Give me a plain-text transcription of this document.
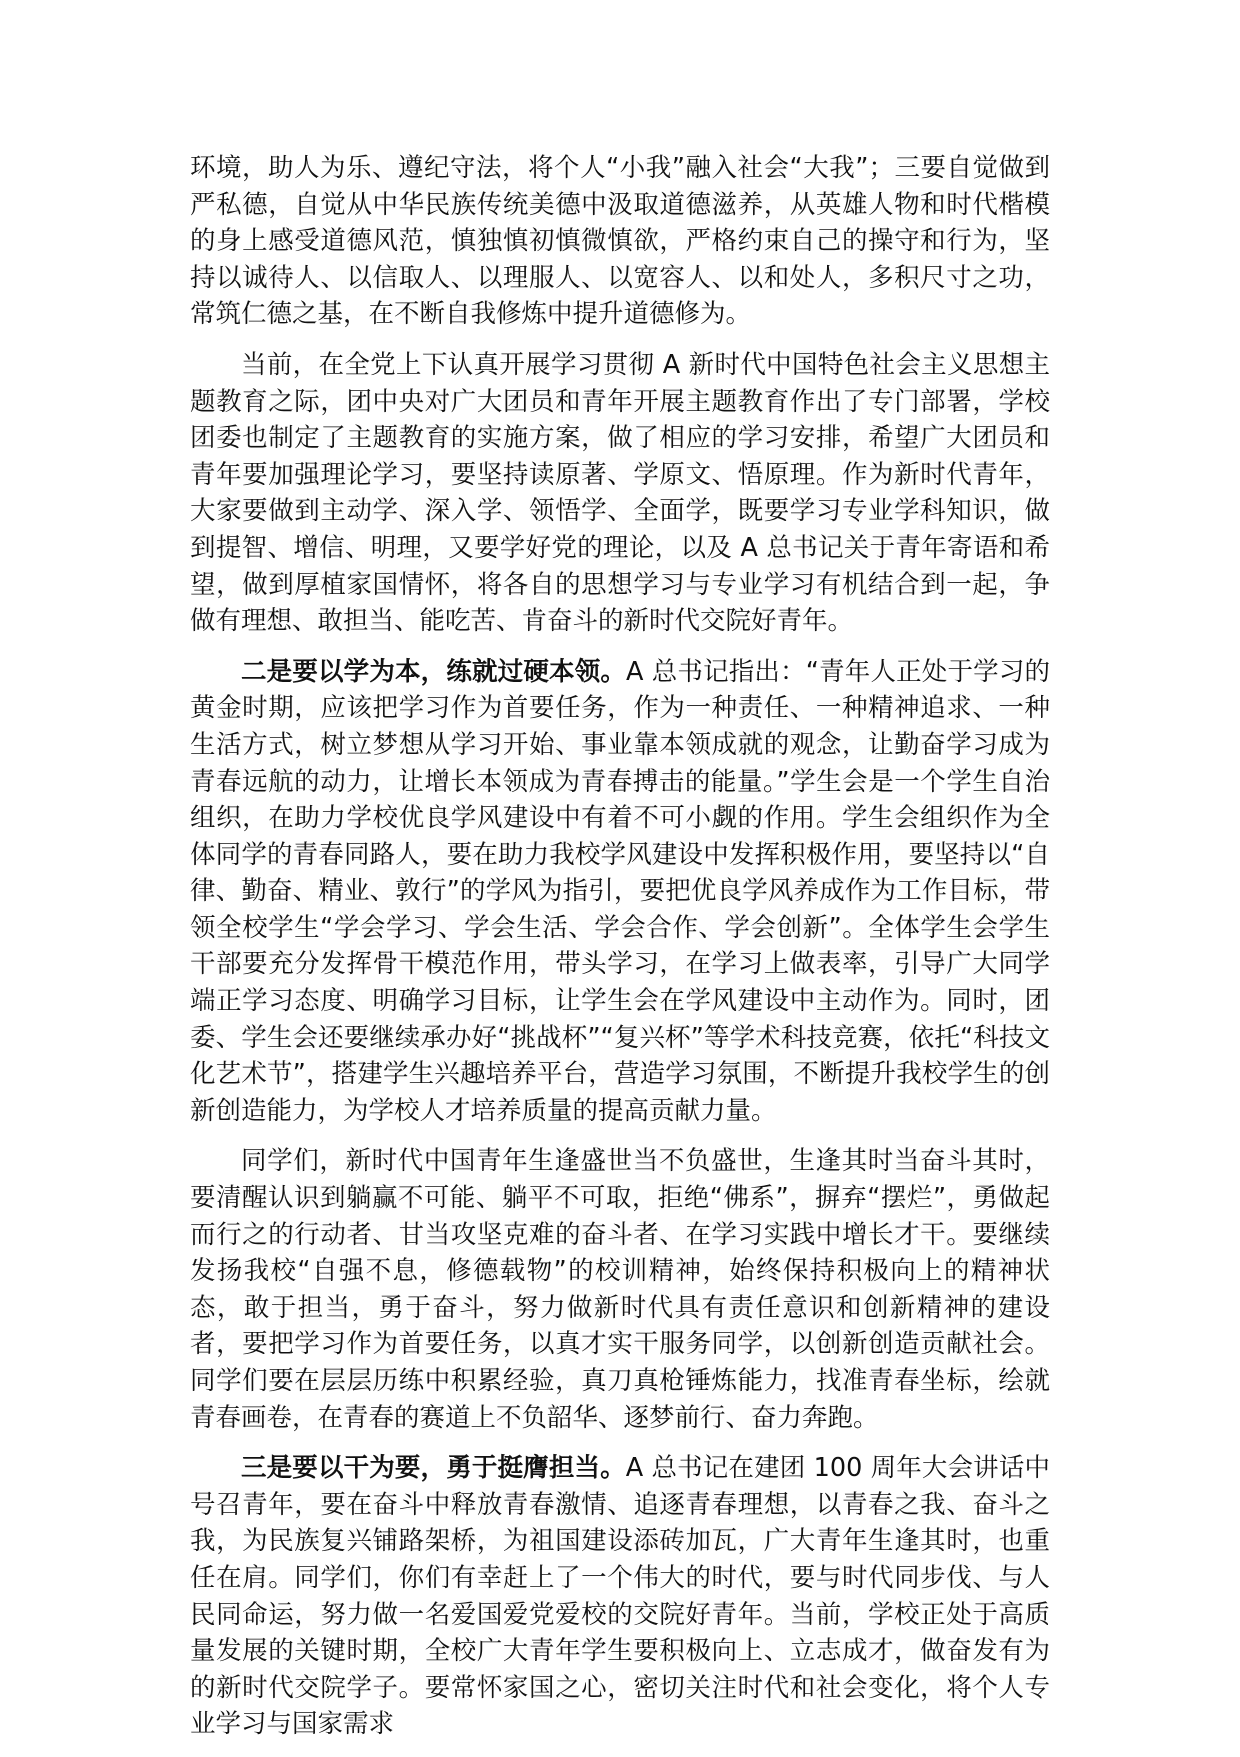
环境，助人为乐、遵纪守法，将个人“小我”融入社会“大我”；三要自觉做到严私德，自觉从中华民族传统美德中汲取道德滋养，从英雄人物和时代楷模的身上感受道德风范，慎独慎初慎微慎欲，严格约束自己的操守和行为，坚持以诚待人、以信取人、以理服人、以宽容人、以和处人，多积尺寸之功，常筑仁德之基，在不断自我修炼中提升道德修为。

当前，在全党上下认真开展学习贯彻 A 新时代中国特色社会主义思想主题教育之际，团中央对广大团员和青年开展主题教育作出了专门部署，学校团委也制定了主题教育的实施方案，做了相应的学习安排，希望广大团员和青年要加强理论学习，要坚持读原著、学原文、悟原理。作为新时代青年，大家要做到主动学、深入学、领悟学、全面学，既要学习专业学科知识，做到提智、增信、明理，又要学好党的理论，以及 A 总书记关于青年寄语和希望，做到厚植家国情怀，将各自的思想学习与专业学习有机结合到一起，争做有理想、敢担当、能吃苦、肯奋斗的新时代交院好青年。

二是要以学为本，练就过硬本领。A 总书记指出：“青年人正处于学习的黄金时期，应该把学习作为首要任务，作为一种责任、一种精神追求、一种生活方式，树立梦想从学习开始、事业靠本领成就的观念，让勤奋学习成为青春远航的动力，让增长本领成为青春搏击的能量。”学生会是一个学生自治组织，在助力学校优良学风建设中有着不可小觑的作用。学生会组织作为全体同学的青春同路人，要在助力我校学风建设中发挥积极作用，要坚持以“自律、勤奋、精业、敦行”的学风为指引，要把优良学风养成作为工作目标，带领全校学生“学会学习、学会生活、学会合作、学会创新”。全体学生会学生干部要充分发挥骨干模范作用，带头学习，在学习上做表率，引导广大同学端正学习态度、明确学习目标，让学生会在学风建设中主动作为。同时，团委、学生会还要继续承办好“挑战杯”“复兴杯”等学术科技竞赛，依托“科技文化艺术节”，搭建学生兴趣培养平台，营造学习氛围，不断提升我校学生的创新创造能力，为学校人才培养质量的提高贡献力量。

同学们，新时代中国青年生逢盛世当不负盛世，生逢其时当奋斗其时，要清醒认识到躺赢不可能、躺平不可取，拒绝“佛系”，摒弃“摆烂”，勇做起而行之的行动者、甘当攻坚克难的奋斗者、在学习实践中增长才干。要继续发扬我校“自强不息，修德载物”的校训精神，始终保持积极向上的精神状态，敢于担当，勇于奋斗，努力做新时代具有责任意识和创新精神的建设者，要把学习作为首要任务，以真才实干服务同学，以创新创造贡献社会。同学们要在层层历练中积累经验，真刀真枪锤炼能力，找准青春坐标，绘就青春画卷，在青春的赛道上不负韶华、逐梦前行、奋力奔跑。

三是要以干为要，勇于挺膺担当。A 总书记在建团 100 周年大会讲话中号召青年，要在奋斗中释放青春激情、追逐青春理想，以青春之我、奋斗之我，为民族复兴铺路架桥，为祖国建设添砖加瓦，广大青年生逢其时，也重任在肩。同学们，你们有幸赶上了一个伟大的时代，要与时代同步伐、与人民同命运，努力做一名爱国爱党爱校的交院好青年。当前，学校正处于高质量发展的关键时期，全校广大青年学生要积极向上、立志成才，做奋发有为的新时代交院学子。要常怀家国之心，密切关注时代和社会变化，将个人专业学习与国家需求
